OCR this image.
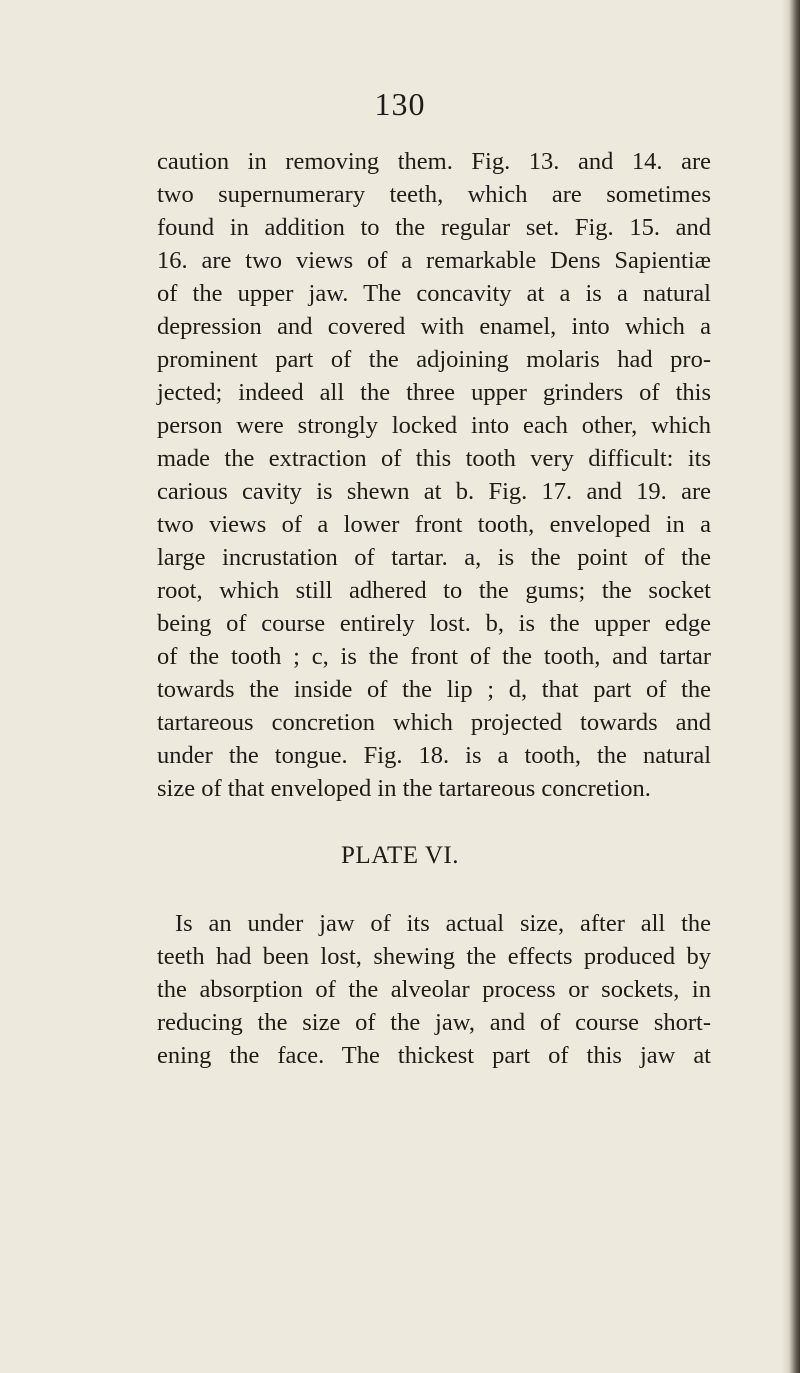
130
caution in removing them. Fig. 13. and 14. are
two supernumerary teeth, which are sometimes
found in addition to the regular set. Fig. 15. and
16. are two views of a remarkable Dens Sapientiæ
of the upper jaw. The concavity at a is a natural
depression and covered with enamel, into which a
prominent part of the adjoining molaris had pro-
jected; indeed all the three upper grinders of this
person were strongly locked into each other, which
made the extraction of this tooth very difficult: its
carious cavity is shewn at b. Fig. 17. and 19. are
two views of a lower front tooth, enveloped in a
large incrustation of tartar. a, is the point of the
root, which still adhered to the gums; the socket
being of course entirely lost. b, is the upper edge
of the tooth ; c, is the front of the tooth, and tartar
towards the inside of the lip ; d, that part of the
tartareous concretion which projected towards and
under the tongue. Fig. 18. is a tooth, the natural
size of that enveloped in the tartareous concretion.
PLATE VI.
Is an under jaw of its actual size, after all the
teeth had been lost, shewing the effects produced by
the absorption of the alveolar process or sockets, in
reducing the size of the jaw, and of course short-
ening the face. The thickest part of this jaw at
